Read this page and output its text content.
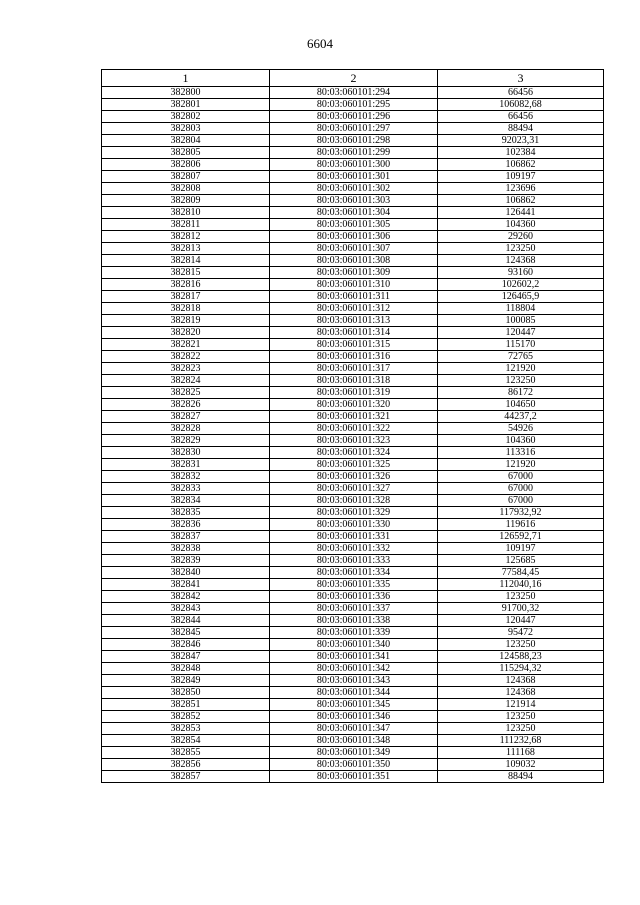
6604
1	2	3
382800	80:03:060101:294	66456
382801	80:03:060101:295	106082,68
382802	80:03:060101:296	66456
382803	80:03:060101:297	88494
382804	80:03:060101:298	92023,31
382805	80:03:060101:299	102384
382806	80:03:060101:300	106862
382807	80:03:060101:301	109197
382808	80:03:060101:302	123696
382809	80:03:060101:303	106862
382810	80:03:060101:304	126441
382811	80:03:060101:305	104360
382812	80:03:060101:306	29260
382813	80:03:060101:307	123250
382814	80:03:060101:308	124368
382815	80:03:060101:309	93160
382816	80:03:060101:310	102602,2
382817	80:03:060101:311	126465,9
382818	80:03:060101:312	118804
382819	80:03:060101:313	100085
382820	80:03:060101:314	120447
382821	80:03:060101:315	115170
382822	80:03:060101:316	72765
382823	80:03:060101:317	121920
382824	80:03:060101:318	123250
382825	80:03:060101:319	86172
382826	80:03:060101:320	104650
382827	80:03:060101:321	44237,2
382828	80:03:060101:322	54926
382829	80:03:060101:323	104360
382830	80:03:060101:324	113316
382831	80:03:060101:325	121920
382832	80:03:060101:326	67000
382833	80:03:060101:327	67000
382834	80:03:060101:328	67000
382835	80:03:060101:329	117932,92
382836	80:03:060101:330	119616
382837	80:03:060101:331	126592,71
382838	80:03:060101:332	109197
382839	80:03:060101:333	125685
382840	80:03:060101:334	77584,45
382841	80:03:060101:335	112040,16
382842	80:03:060101:336	123250
382843	80:03:060101:337	91700,32
382844	80:03:060101:338	120447
382845	80:03:060101:339	95472
382846	80:03:060101:340	123250
382847	80:03:060101:341	124588,23
382848	80:03:060101:342	115294,32
382849	80:03:060101:343	124368
382850	80:03:060101:344	124368
382851	80:03:060101:345	121914
382852	80:03:060101:346	123250
382853	80:03:060101:347	123250
382854	80:03:060101:348	111232,68
382855	80:03:060101:349	111168
382856	80:03:060101:350	109032
382857	80:03:060101:351	88494
